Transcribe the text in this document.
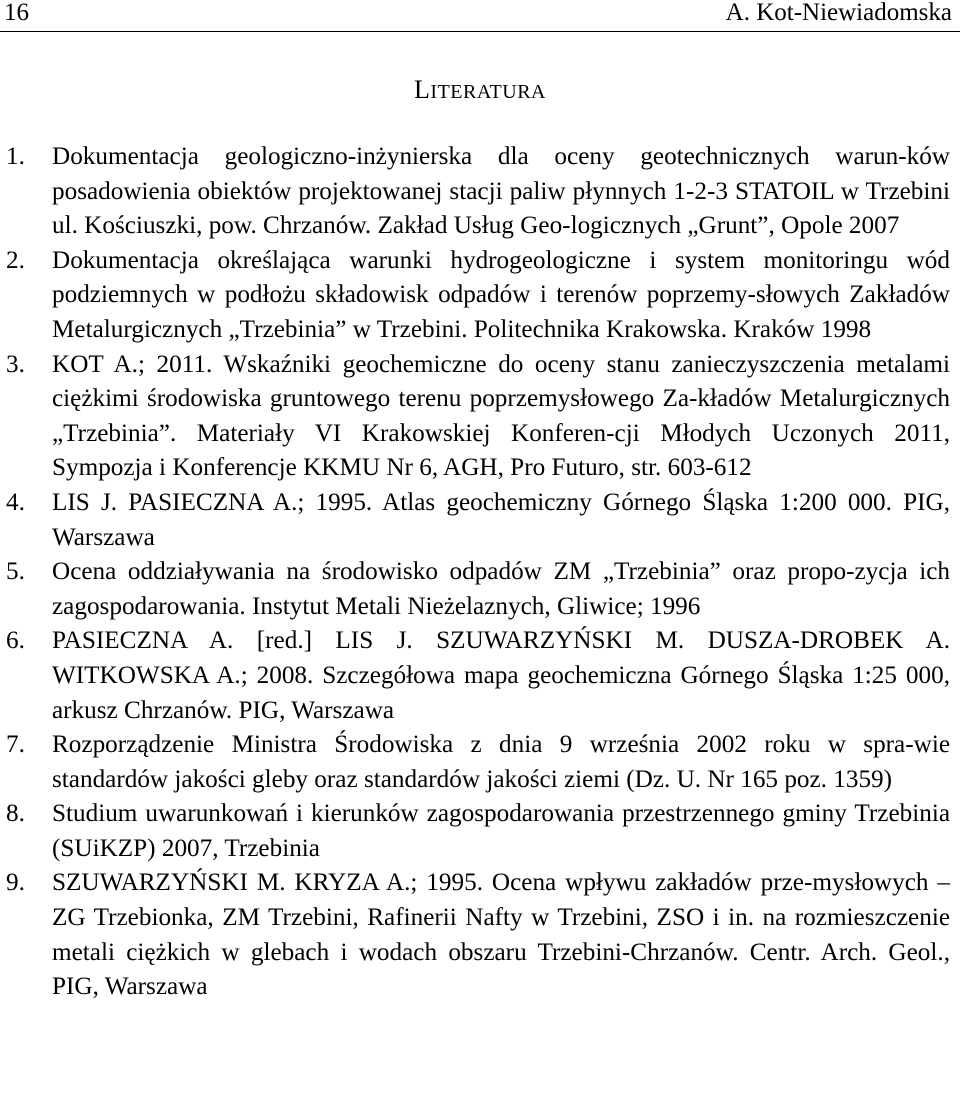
16	A. Kot-Niewiadomska
LITERATURA
1. Dokumentacja geologiczno-inżynierska dla oceny geotechnicznych warun-ków posadowienia obiektów projektowanej stacji paliw płynnych 1-2-3 STATOIL w Trzebini ul. Kościuszki, pow. Chrzanów. Zakład Usług Geo-logicznych „Grunt”, Opole 2007
2. Dokumentacja określająca warunki hydrogeologiczne i system monitoringu wód podziemnych w podłożu składowisk odpadów i terenów poprzemy-słowych Zakładów Metalurgicznych „Trzebinia” w Trzebini. Politechnika Krakowska. Kraków 1998
3. KOT A.; 2011. Wskaźniki geochemiczne do oceny stanu zanieczyszczenia metalami ciężkimi środowiska gruntowego terenu poprzemysłowego Za-kładów Metalurgicznych „Trzebinia”. Materiały VI Krakowskiej Konferen-cji Młodych Uczonych 2011, Sympozja i Konferencje KKMU Nr 6, AGH, Pro Futuro, str. 603-612
4. LIS J. PASIECZNA A.; 1995. Atlas geochemiczny Górnego Śląska 1:200 000. PIG, Warszawa
5. Ocena oddziaływania na środowisko odpadów ZM „Trzebinia” oraz propo-zycja ich zagospodarowania. Instytut Metali Nieżelaznych, Gliwice; 1996
6. PASIECZNA A. [red.] LIS J. SZUWARZYŃSKI M. DUSZA-DROBEK A. WITKOWSKA A.; 2008. Szczegółowa mapa geochemiczna Górnego Śląska 1:25 000, arkusz Chrzanów. PIG, Warszawa
7. Rozporządzenie Ministra Środowiska z dnia 9 września 2002 roku w spra-wie standardów jakości gleby oraz standardów jakości ziemi (Dz. U. Nr 165 poz. 1359)
8. Studium uwarunkowań i kierunków zagospodarowania przestrzennego gminy Trzebinia (SUiKZP) 2007, Trzebinia
9. SZUWARZYŃSKI M. KRYZA A.; 1995. Ocena wpływu zakładów prze-mysłowych – ZG Trzebionka, ZM Trzebini, Rafinerii Nafty w Trzebini, ZSO i in. na rozmieszczenie metali ciężkich w glebach i wodach obszaru Trzebini-Chrzanów. Centr. Arch. Geol., PIG, Warszawa
